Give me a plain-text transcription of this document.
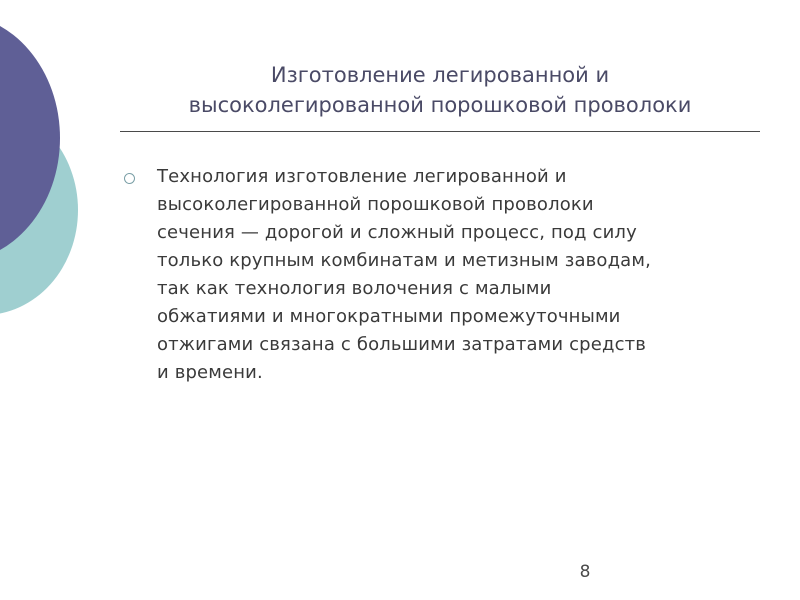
Изготовление легированной и
высоколегированной порошковой проволоки
Технология изготовление легированной и
высоколегированной порошковой проволоки
сечения — дорогой и сложный процесс, под силу
только крупным комбинатам и метизным заводам,
так как технология волочения с малыми
обжатиями и многократными промежуточными
отжигами связана с большими затратами средств
и времени.
8
